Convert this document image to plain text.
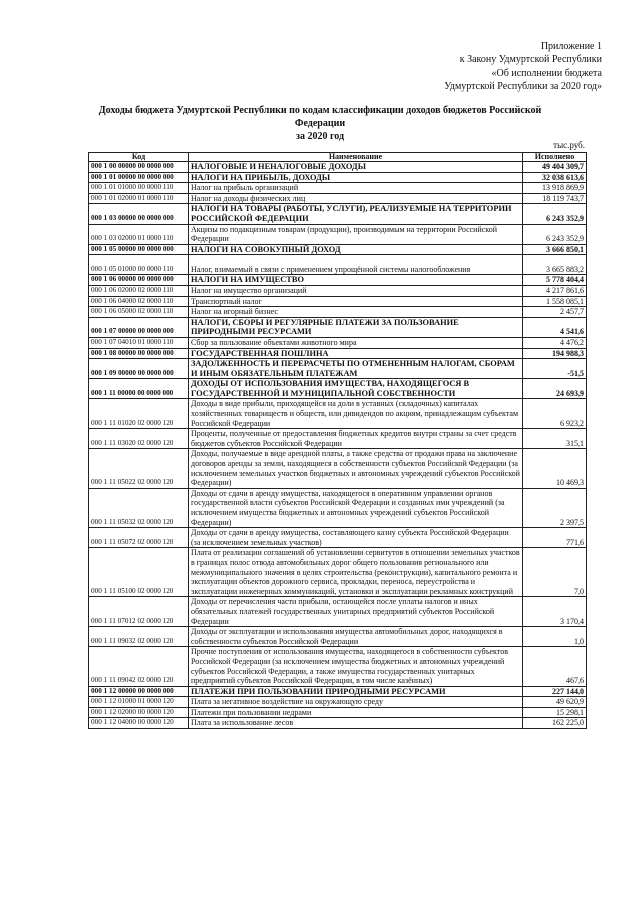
Приложение 1
к Закону Удмуртской Республики
«Об исполнении бюджета
Удмуртской Республики за 2020 год»
Доходы бюджета Удмуртской Республики по кодам классификации доходов бюджетов Российской Федерации
за 2020 год
тыс.руб.
Код	Наименование	Исполнено
000 1 00 00000 00 0000 000	НАЛОГОВЫЕ И НЕНАЛОГОВЫЕ ДОХОДЫ	49 404 309,7
000 1 01 00000 00 0000 000	НАЛОГИ НА ПРИБЫЛЬ, ДОХОДЫ	32 038 613,6
000 1 01 01000 00 0000 110	Налог на прибыль организаций	13 918 869,9
000 1 01 02000 01 0000 110	Налог на доходы физических лиц	18 119 743,7
000 1 03 00000 00 0000 000	НАЛОГИ НА ТОВАРЫ (РАБОТЫ, УСЛУГИ), РЕАЛИЗУЕМЫЕ НА ТЕРРИТОРИИ РОССИЙСКОЙ ФЕДЕРАЦИИ	6 243 352,9
000 1 03 02000 01 0000 110	Акцизы по подакцизным товарам (продукции), производимым на территории Российской Федерации	6 243 352,9
000 1 05 00000 00 0000 000	НАЛОГИ НА СОВОКУПНЫЙ ДОХОД	3 666 850,1
000 1 05 01000 00 0000 110	Налог, взимаемый в связи с применением упрощённой системы налогообложения	3 665 883,2
000 1 06 00000 00 0000 000	НАЛОГИ НА ИМУЩЕСТВО	5 778 404,4
000 1 06 02000 02 0000 110	Налог на имущество организаций	4 217 861,6
000 1 06 04000 02 0000 110	Транспортный налог	1 558 085,1
000 1 06 05000 02 0000 110	Налог на игорный бизнес	2 457,7
000 1 07 00000 00 0000 000	НАЛОГИ, СБОРЫ И РЕГУЛЯРНЫЕ ПЛАТЕЖИ ЗА ПОЛЬЗОВАНИЕ ПРИРОДНЫМИ РЕСУРСАМИ	4 541,6
000 1 07 04010 01 0000 110	Сбор за пользование объектами животного мира	4 476,2
000 1 08 00000 00 0000 000	ГОСУДАРСТВЕННАЯ ПОШЛИНА	194 988,3
000 1 09 00000 00 0000 000	ЗАДОЛЖЕННОСТЬ И ПЕРЕРАСЧЕТЫ ПО ОТМЕНЕННЫМ НАЛОГАМ, СБОРАМ И ИНЫМ ОБЯЗАТЕЛЬНЫМ ПЛАТЕЖАМ	-51,5
000 1 11 00000 00 0000 000	ДОХОДЫ ОТ ИСПОЛЬЗОВАНИЯ ИМУЩЕСТВА, НАХОДЯЩЕГОСЯ В ГОСУДАРСТВЕННОЙ И МУНИЦИПАЛЬНОЙ СОБСТВЕННОСТИ	24 693,9
000 1 11 01020 02 0000 120	Доходы в виде прибыли, приходящейся на доли в уставных (складочных) капиталах хозяйственных товариществ и обществ, или дивидендов по акциям, принадлежащим субъектам Российской Федерации	6 923,2
000 1 11 03020 02 0000 120	Проценты, полученные от предоставления бюджетных кредитов внутри страны за счет средств бюджетов субъектов Российской Федерации	315,1
000 1 11 05022 02 0000 120	Доходы, получаемые в виде арендной платы, а также средства от продажи права на заключение договоров аренды за земли, находящиеся в собственности субъектов Российской Федерации (за исключением земельных участков бюджетных и автономных учреждений субъектов Российской Федерации)	10 469,3
000 1 11 05032 02 0000 120	Доходы от сдачи в аренду имущества, находящегося в оперативном управлении органов государственной власти субъектов Российской Федерации и созданных ими учреждений (за исключением имущества бюджетных и автономных учреждений субъектов Российской Федерации)	2 397,5
000 1 11 05072 02 0000 120	Доходы от сдачи в аренду имущества, составляющего казну субъекта Российской Федерации (за исключением земельных участков)	771,6
000 1 11 05100 02 0000 120	Плата от реализации соглашений об установлении сервитутов в отношении земельных участков в границах полос отвода автомобильных дорог общего пользования регионального или межмуниципального значения в целях строительства (реконструкции), капитального ремонта и эксплуатации объектов дорожного сервиса, прокладки, переноса, переустройства и эксплуатации инженерных коммуникаций, установки и эксплуатации рекламных конструкций	7,0
000 1 11 07012 02 0000 120	Доходы от перечисления части прибыли, остающейся после уплаты налогов и иных обязательных платежей государственных унитарных предприятий субъектов Российской Федерации	3 170,4
000 1 11 09032 02 0000 120	Доходы от эксплуатации и использования имущества автомобильных дорог, находящихся в собственности субъектов Российской Федерации	1,0
000 1 11 09042 02 0000 120	Прочие поступления от использования имущества, находящегося в собственности субъектов Российской Федерации (за исключением имущества бюджетных и автономных учреждений субъектов Российской Федерации, а также имущества государственных унитарных предприятий субъектов Российской Федерации, в том числе казённых)	467,6
000 1 12 00000 00 0000 000	ПЛАТЕЖИ ПРИ ПОЛЬЗОВАНИИ ПРИРОДНЫМИ РЕСУРСАМИ	227 144,0
000 1 12 01000 01 0000 120	Плата за негативное воздействие на окружающую среду	49 620,9
000 1 12 02000 00 0000 120	Платежи при пользовании недрами	15 298,1
000 1 12 04000 00 0000 120	Плата за использование лесов	162 225,0
